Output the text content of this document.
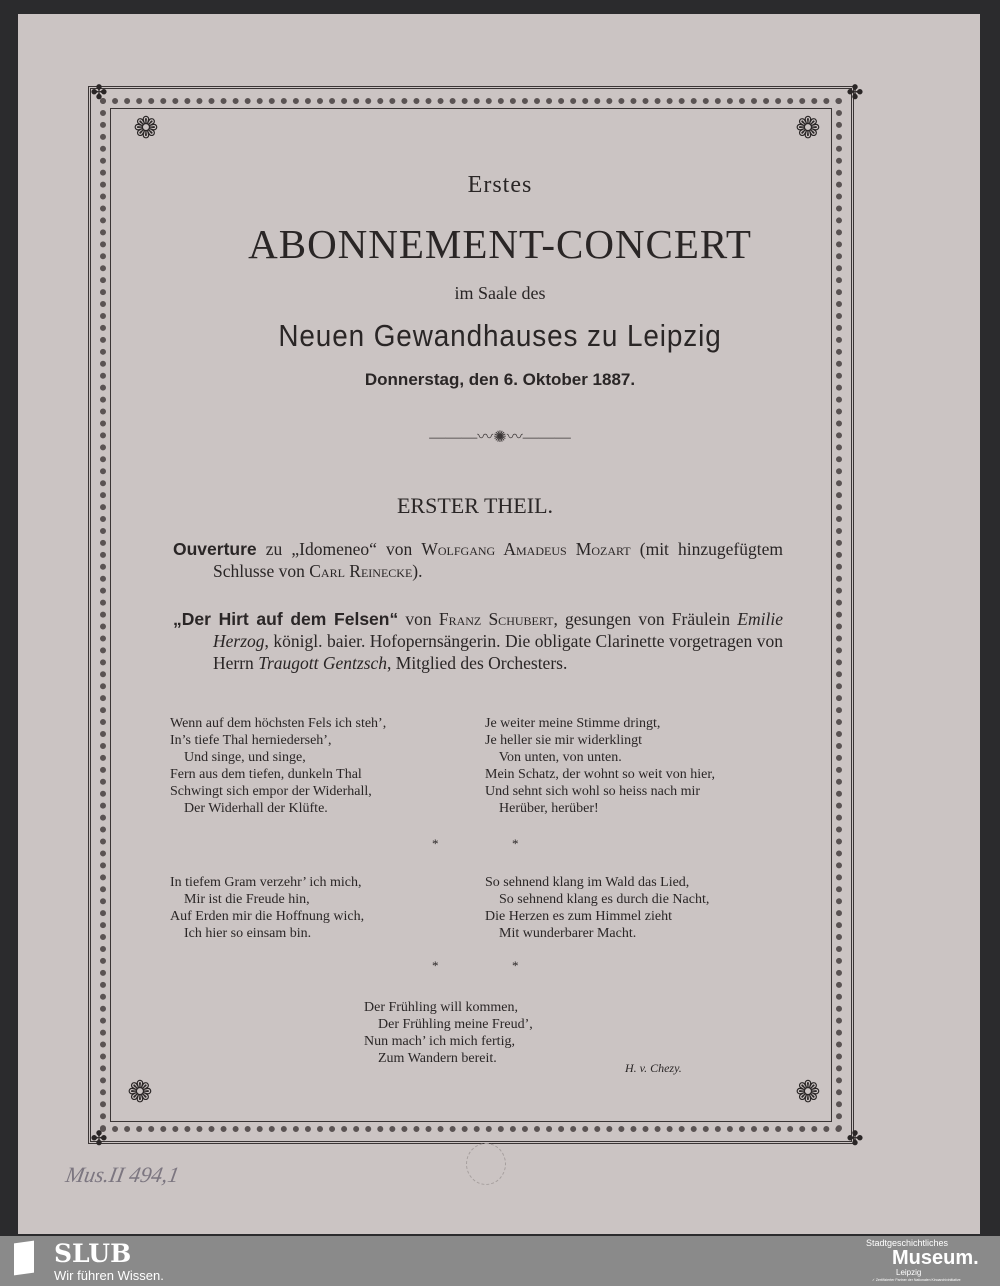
✤	✤
✤	✤
❁	❁
❁	❁
Erstes
ABONNEMENT-CONCERT
im Saale des
Neuen Gewandhauses zu Leipzig
Donnerstag, den 6. Oktober 1887.
―――〰✺〰―――
ERSTER THEIL.
Ouverture zu „Idomeneo“ von Wolfgang Amadeus Mozart (mit hinzugefügtem Schlusse von Carl Reinecke).
„Der Hirt auf dem Felsen“ von Franz Schubert, gesungen von Fräulein Emilie Herzog, königl. baier. Hofopernsängerin. Die obligate Clarinette vorgetragen von Herrn Traugott Gentzsch, Mitglied des Orchesters.
Wenn auf dem höchsten Fels ich steh’,
In’s tiefe Thal herniederseh’,
Und singe, und singe,
Fern aus dem tiefen, dunkeln Thal
Schwingt sich empor der Widerhall,
Der Widerhall der Klüfte.
Je weiter meine Stimme dringt,
Je heller sie mir widerklingt
Von unten, von unten.
Mein Schatz, der wohnt so weit von hier,
Und sehnt sich wohl so heiss nach mir
Herüber, herüber!
*	*
In tiefem Gram verzehr’ ich mich,
Mir ist die Freude hin,
Auf Erden mir die Hoffnung wich,
Ich hier so einsam bin.
So sehnend klang im Wald das Lied,
So sehnend klang es durch die Nacht,
Die Herzen es zum Himmel zieht
Mit wunderbarer Macht.
*	*
Der Frühling will kommen,
Der Frühling meine Freud’,
Nun mach’ ich mich fertig,
Zum Wandern bereit.
H. v. Chezy.
Mus.II 494,1
SLUB
Wir führen Wissen.
Stadtgeschichtliches
Museum.
Leipzig
✓ Zertifizierter Partner der Nationalen Kinoarchivinitiative
